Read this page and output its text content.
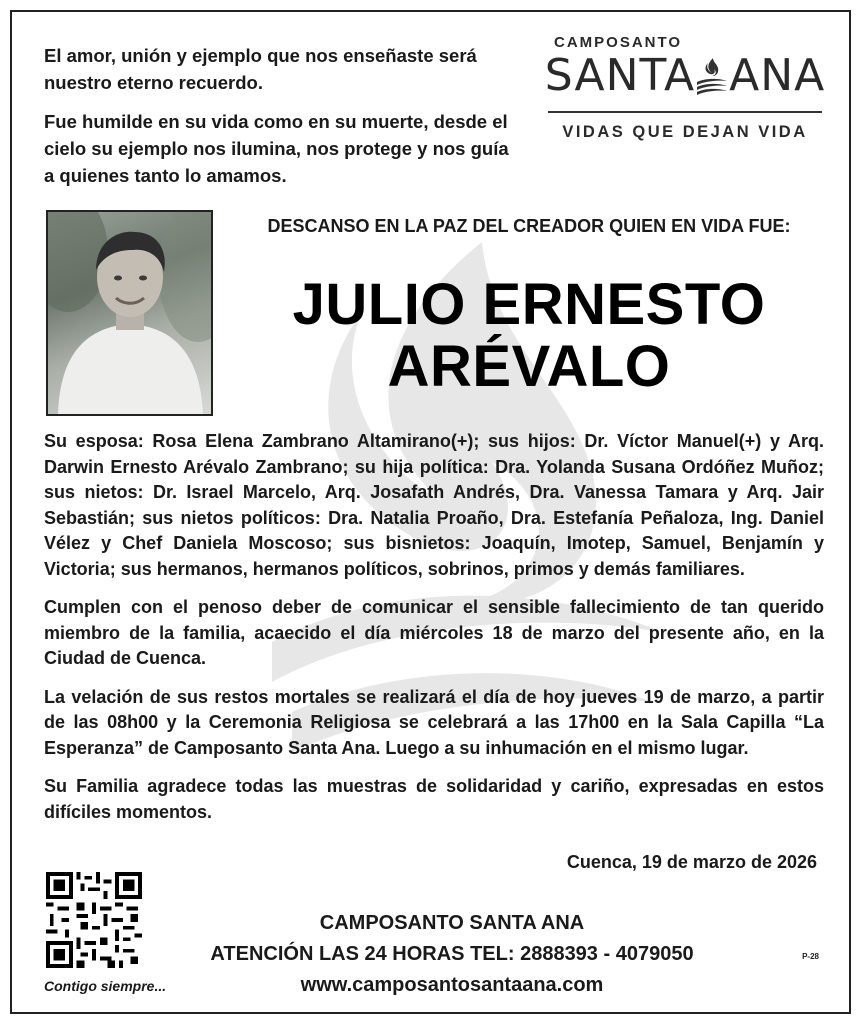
El amor, unión y ejemplo que nos enseñaste será nuestro eterno recuerdo.

Fue humilde en su vida como en su muerte, desde el cielo su ejemplo nos ilumina, nos protege y nos guía a quienes tanto lo amamos.

CAMPOSANTO
SANTA ANA
VIDAS QUE DEJAN VIDA
DESCANSO EN LA PAZ DEL CREADOR QUIEN EN VIDA FUE:
JULIO ERNESTO
ARÉVALO

Su esposa: Rosa Elena Zambrano Altamirano(+); sus hijos: Dr. Víctor Manuel(+) y Arq. Darwin Ernesto Arévalo Zambrano; su hija política: Dra. Yolanda Susana Ordóñez Muñoz; sus nietos: Dr. Israel Marcelo, Arq. Josafath Andrés, Dra. Vanessa Tamara y Arq. Jair Sebastián; sus nietos políticos: Dra. Natalia Proaño, Dra. Estefanía Peñaloza, Ing. Daniel Vélez y Chef Daniela Moscoso; sus bisnietos: Joaquín, Imotep, Samuel, Benjamín y Victoria; sus hermanos, hermanos políticos, sobrinos, primos y demás familiares.

Cumplen con el penoso deber de comunicar el sensible fallecimiento de tan querido miembro de la familia, acaecido el día miércoles 18 de marzo del presente año, en la Ciudad de Cuenca.

La velación de sus restos mortales se realizará el día de hoy jueves 19 de marzo, a partir de las 08h00 y la Ceremonia Religiosa se celebrará a las 17h00 en la Sala Capilla “La Esperanza” de Camposanto Santa Ana. Luego a su inhumación en el mismo lugar.

Su Familia agradece todas las muestras de solidaridad y cariño, expresadas en estos difíciles momentos.

Cuenca, 19 de marzo de 2026
Contigo siempre...
CAMPOSANTO SANTA ANA
ATENCIÓN LAS 24 HORAS TEL: 2888393 - 4079050
www.camposantosantaana.com
P-28
